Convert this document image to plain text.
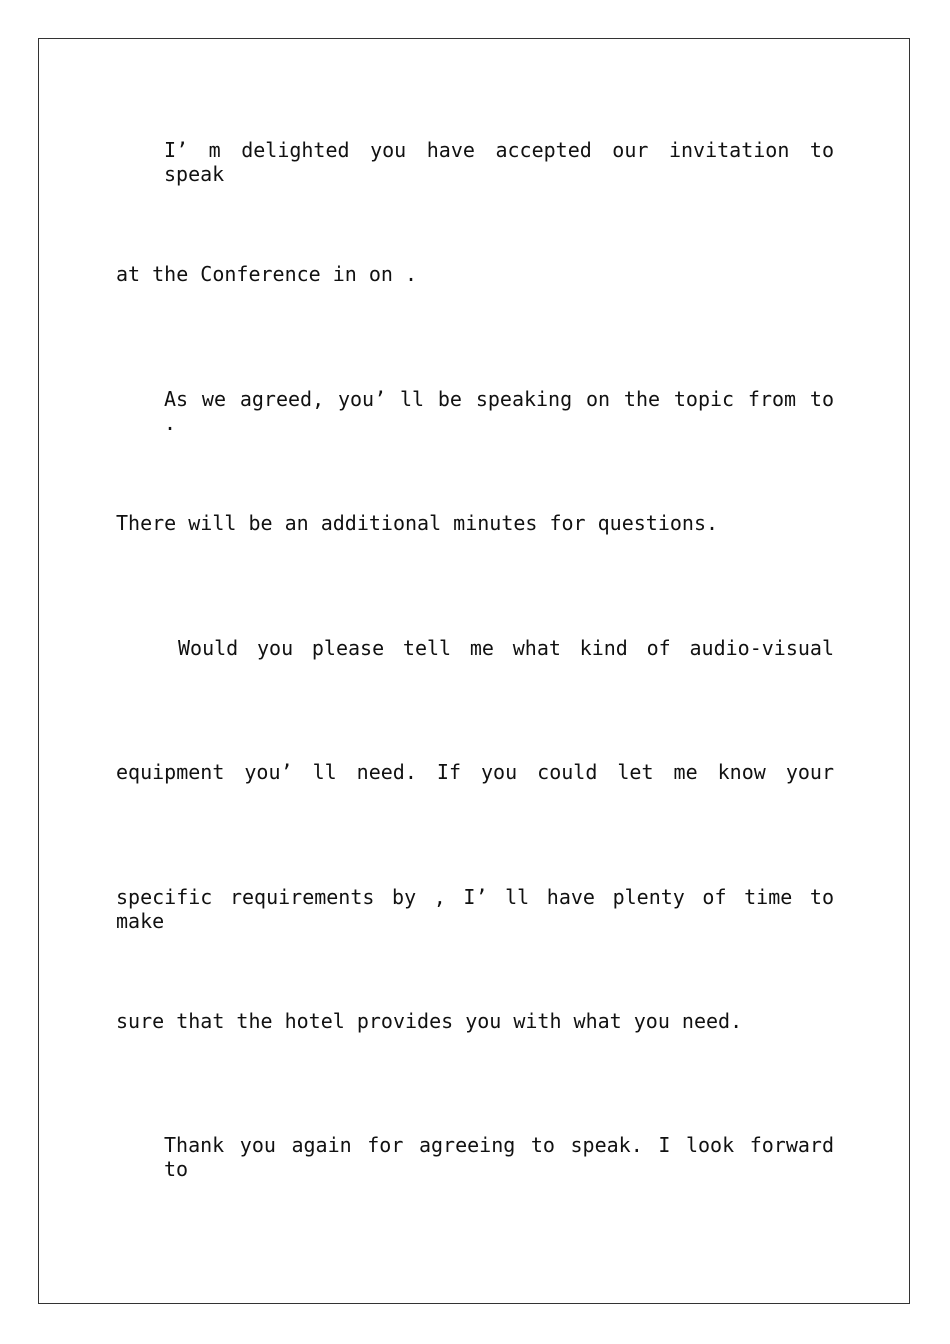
I’ m delighted you have accepted our invitation to speak

at the Conference in on .

As we agreed, you’ ll be speaking on the topic from to .

There will be an additional minutes for questions.

Would you please tell me what kind of audio-visual

equipment you’ ll need. If you could let me know your

specific requirements by , I’ ll have plenty of time to make

sure that the hotel provides you with what you need.

Thank you again for agreeing to speak. I look forward to
